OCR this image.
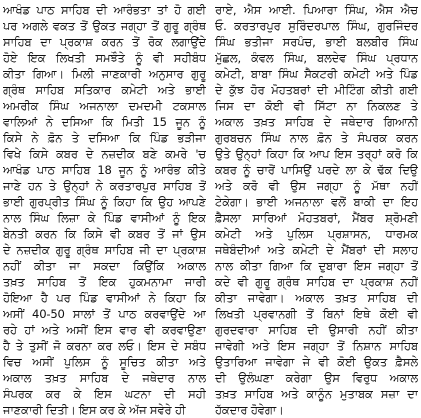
ਆਖੰਡ ਪਾਠ ਸਾਹਿਬ ਦੀ ਆਰੰਭਤਾ ਤਾਂ ਹੋ ਗਈ
ਪਰ ਅਗਲੇ ਵਕਤ ਤੋਂ ਉਕਤ ਜਗ੍ਹਾ ਤੋਂ ਗੁਰੂ ਗ੍ਰੰਥ
ਸਾਹਿਬ ਦਾ ਪ੍ਰਕਾਸ਼ ਕਰਨ ਤੋਂ ਰੋਕ ਲਗਾਉਂਦੇ
ਹੋਏ ਇਕ ਲਿਖਤੀ ਸਮਝੌਤੇ ਨੂੰ ਵੀ ਸਹੀਬੰਧ
ਕੀਤਾ ਗਿਆ। ਮਿਲੀ ਜਾਣਕਾਰੀ ਅਨੁਸਾਰ ਗੁਰੂ
ਗ੍ਰੰਥ ਸਾਹਿਬ ਸਤਿਕਾਰ ਕਮੇਟੀ ਅਤੇ ਭਾਈ
ਅਮਰੀਕ ਸਿੰਘ ਅਜਨਾਲਾ ਦਮਦਮੀ ਟਕਸਾਲ
ਵਾਲਿਆਂ ਨੇ ਦਸਿਆ ਕਿ ਮਿਤੀ 15 ਜੂਨ ਨੂੰ
ਕਿਸੇ ਨੇ ਫ਼ੋਨ ਤੇ ਦਸਿਆ ਕਿ ਪਿੰਡ ਭੜੀਜਾ
ਵਿਖੇ ਕਿਸੇ ਕਬਰ ਦੇ ਨਜ਼ਦੀਕ ਬਣੇ ਕਮਰੇ 'ਚ
ਆਖੰਡ ਪਾਠ ਸਾਹਿਬ 18 ਜੂਨ ਨੂੰ ਆਰੰਭ ਕੀਤੇ
ਜਾਣੇ ਹਨ ਤੇ ਉਨ੍ਹਾਂ ਨੇ ਕਰਤਾਰਪੁਰ ਸਾਹਿਬ ਤੋਂ
ਭਾਈ ਗੁਰਪ੍ਰੀਤ ਸਿੰਘ ਨੂੰ ਕਿਹਾ ਕਿ ਉਹ ਆਪਣੇ
ਨਾਲ ਸਿੰਘ ਲਿਜ਼ਾ ਕੇ ਪਿੰਡ ਵਾਸੀਆਂ ਨੂੰ ਇਕ
ਬੇਨਤੀ ਕਰਨ ਕਿ ਕਿਸੇ ਵੀ ਕਬਰ ਤੋਂ ਜਾਂ ਉਸ
ਦੇ ਨਜ਼ਦੀਕ ਗੁਰੂ ਗ੍ਰੰਥ ਸਾਹਿਬ ਜੀ ਦਾ ਪ੍ਰਕਾਸ਼
ਨਹੀਂ ਕੀਤਾ ਜਾ ਸਕਦਾ ਕਿਉਂਕਿ ਅਕਾਲ
ਤਖ਼ਤ ਸਾਹਿਬ ਤੋਂ ਇਕ ਹੁਕਮਨਾਮਾ ਜਾਰੀ
ਹੋਇਆ ਹੈ ਪਰ ਪਿੰਡ ਵਾਸੀਆਂ ਨੇ ਕਿਹਾ ਕਿ
ਅਸੀਂ 40-50 ਸਾਲਾਂ ਤੋਂ ਪਾਠ ਕਰਵਾਉਂਦੇ ਆ
ਰਹੇ ਹਾਂ ਅਤੇ ਅਸੀਂ ਇਸ ਵਾਰ ਵੀ ਕਰਵਾਉਣਾ
ਹੈ ਤੇ ਤੁਸੀਂ ਜੋ ਕਰਨਾ ਕਰ ਲਓ। ਇਸ ਦੇ ਸਬੰਧ
ਵਿਚ ਅਸੀਂ ਪੁਲਿਸ ਨੂੰ ਸੂਚਿਤ ਕੀਤਾ ਅਤੇ
ਅਕਾਲ ਤਖ਼ਤ ਸਾਹਿਬ ਦੇ ਜਥੇਦਾਰ ਨਾਲ
ਸੰਪਰਕ ਕਰ ਕੇ ਇਸ ਘਟਨਾ ਦੀ ਸਹੀ
ਜਾਣਕਾਰੀ ਦਿਤੀ। ਇਸ ਕਰ ਕੇ ਅੱਜ ਸਵੇਰੇ ਹੀ
ਰਾਏ, ਐਸ ਆਈ. ਪਿਆਰਾ ਸਿੰਘ, ਐਸ ਐਚ
ਓ. ਕਰਤਾਰਪੁਰ ਸੁਰਿੰਦਰਪਾਲ ਸਿੰਘ, ਗੁਰਜਿੰਦਰ
ਸਿੰਘ ਭਤੀਜਾ ਸਰਪੰਚ, ਭਾਈ ਬਲਬੀਰ ਸਿੰਘ
ਮੁੱਛਲ, ਕੰਵਲ ਸਿੰਘ, ਬਲਦੇਵ ਸਿੰਘ ਪ੍ਰਧਾਨ
ਕਮੇਟੀ, ਬਾਬਾ ਸਿੰਘ ਸੈਕਟਰੀ ਕਮੇਟੀ ਅਤੇ ਪਿੰਡ
ਦੇ ਕੁੱਝ ਹੋਰ ਮੋਹਤਬਰਾਂ ਦੀ ਮੀਟਿੰਗ ਕੀਤੀ ਗਈ
ਜਿਸ ਦਾ ਕੋਈ ਵੀ ਸਿੱਟਾ ਨਾ ਨਿਕਲਣ ਤੇ
ਅਕਾਲ ਤਖ਼ਤ ਸਾਹਿਬ ਦੇ ਜਥੇਦਾਰ ਗਿਆਨੀ
ਗੁਰਬਚਨ ਸਿੰਘ ਨਾਲ ਫ਼ੋਨ ਤੇ ਸੰਪਰਕ ਕਰਨ
ਉਤੇ ਉਨ੍ਹਾਂ ਕਿਹਾ ਕਿ ਆਪ ਇਸ ਤਰ੍ਹਾਂ ਕਰੋ ਕਿ
ਕਬਰ ਨੂੰ ਚਾਰੋਂ ਪਾਸਿਉਂ ਪਰਦੇ ਲਾ ਕੇ ਢੱਕ ਦਿਉ
ਅਤੇ ਕਰੋ ਵੀ ਉਸ ਜਗ੍ਹਾ ਨੂੰ ਮੱਥਾ ਨਹੀਂ
ਟੇਕੇਗਾ। ਭਾਈ ਅਜਨਾਲਾ ਵਲੋਂ ਬਾਕੀ ਦਾ ਇਹ
ਫ਼ੈਸਲਾ ਸਾਰਿਆਂ ਮੋਹਤਬਰਾਂ, ਮੈਂਬਰ ਸ਼੍ਰੋਮਣੀ
ਕਮੇਟੀ ਅਤੇ ਪੁਲਿਸ ਪ੍ਰਸ਼ਾਸਨ, ਧਾਰਮਕ
ਜਥੇਬੰਦੀਆਂ ਅਤੇ ਕਮੇਟੀ ਦੇ ਮੈਂਬਰਾਂ ਦੀ ਸਲਾਹ
ਨਾਲ ਕੀਤਾ ਗਿਆ ਕਿ ਦੁਬਾਰਾ ਇਸ ਜਗ੍ਹਾ ਤੋਂ
ਕਦੇ ਵੀ ਗੁਰੂ ਗ੍ਰੰਥ ਸਾਹਿਬ ਦਾ ਪ੍ਰਕਾਸ਼ ਨਹੀਂ
ਕੀਤਾ ਜਾਵੇਗਾ। ਅਕਾਲ ਤਖ਼ਤ ਸਾਹਿਬ ਦੀ
ਲਿਖਤੀ ਪ੍ਰਵਾਨਗੀ ਤੋਂ ਬਿਨਾਂ ਇਥੇ ਕੋਈ ਵੀ
ਗੁਰਦਵਾਰਾ ਸਾਹਿਬ ਦੀ ਉਸਾਰੀ ਨਹੀਂ ਕੀਤਾ
ਜਾਵੇਗੀ ਅਤੇ ਇਸ ਜਗ੍ਹਾ ਤੋਂ ਨਿਸ਼ਾਨ ਸਾਹਿਬ
ਉਤਾਰਿਆ ਜਾਵੇਗਾ ਜੇ ਵੀ ਕੋਈ ਉਕਤ ਫ਼ੈਸਲੇ
ਦੀ ਉਲੰਘਣਾ ਕਰੇਗਾ ਉਸ ਵਿਰੁਧ ਅਕਾਲ
ਤਖ਼ਤ ਸਾਹਿਬ ਅਤੇ ਕਾਨੂੰਨ ਮੁਤਾਬਕ ਸਜ਼ਾ ਦਾ
ਹੱਕਦਾਰ ਹੋਵੇਗਾ।
